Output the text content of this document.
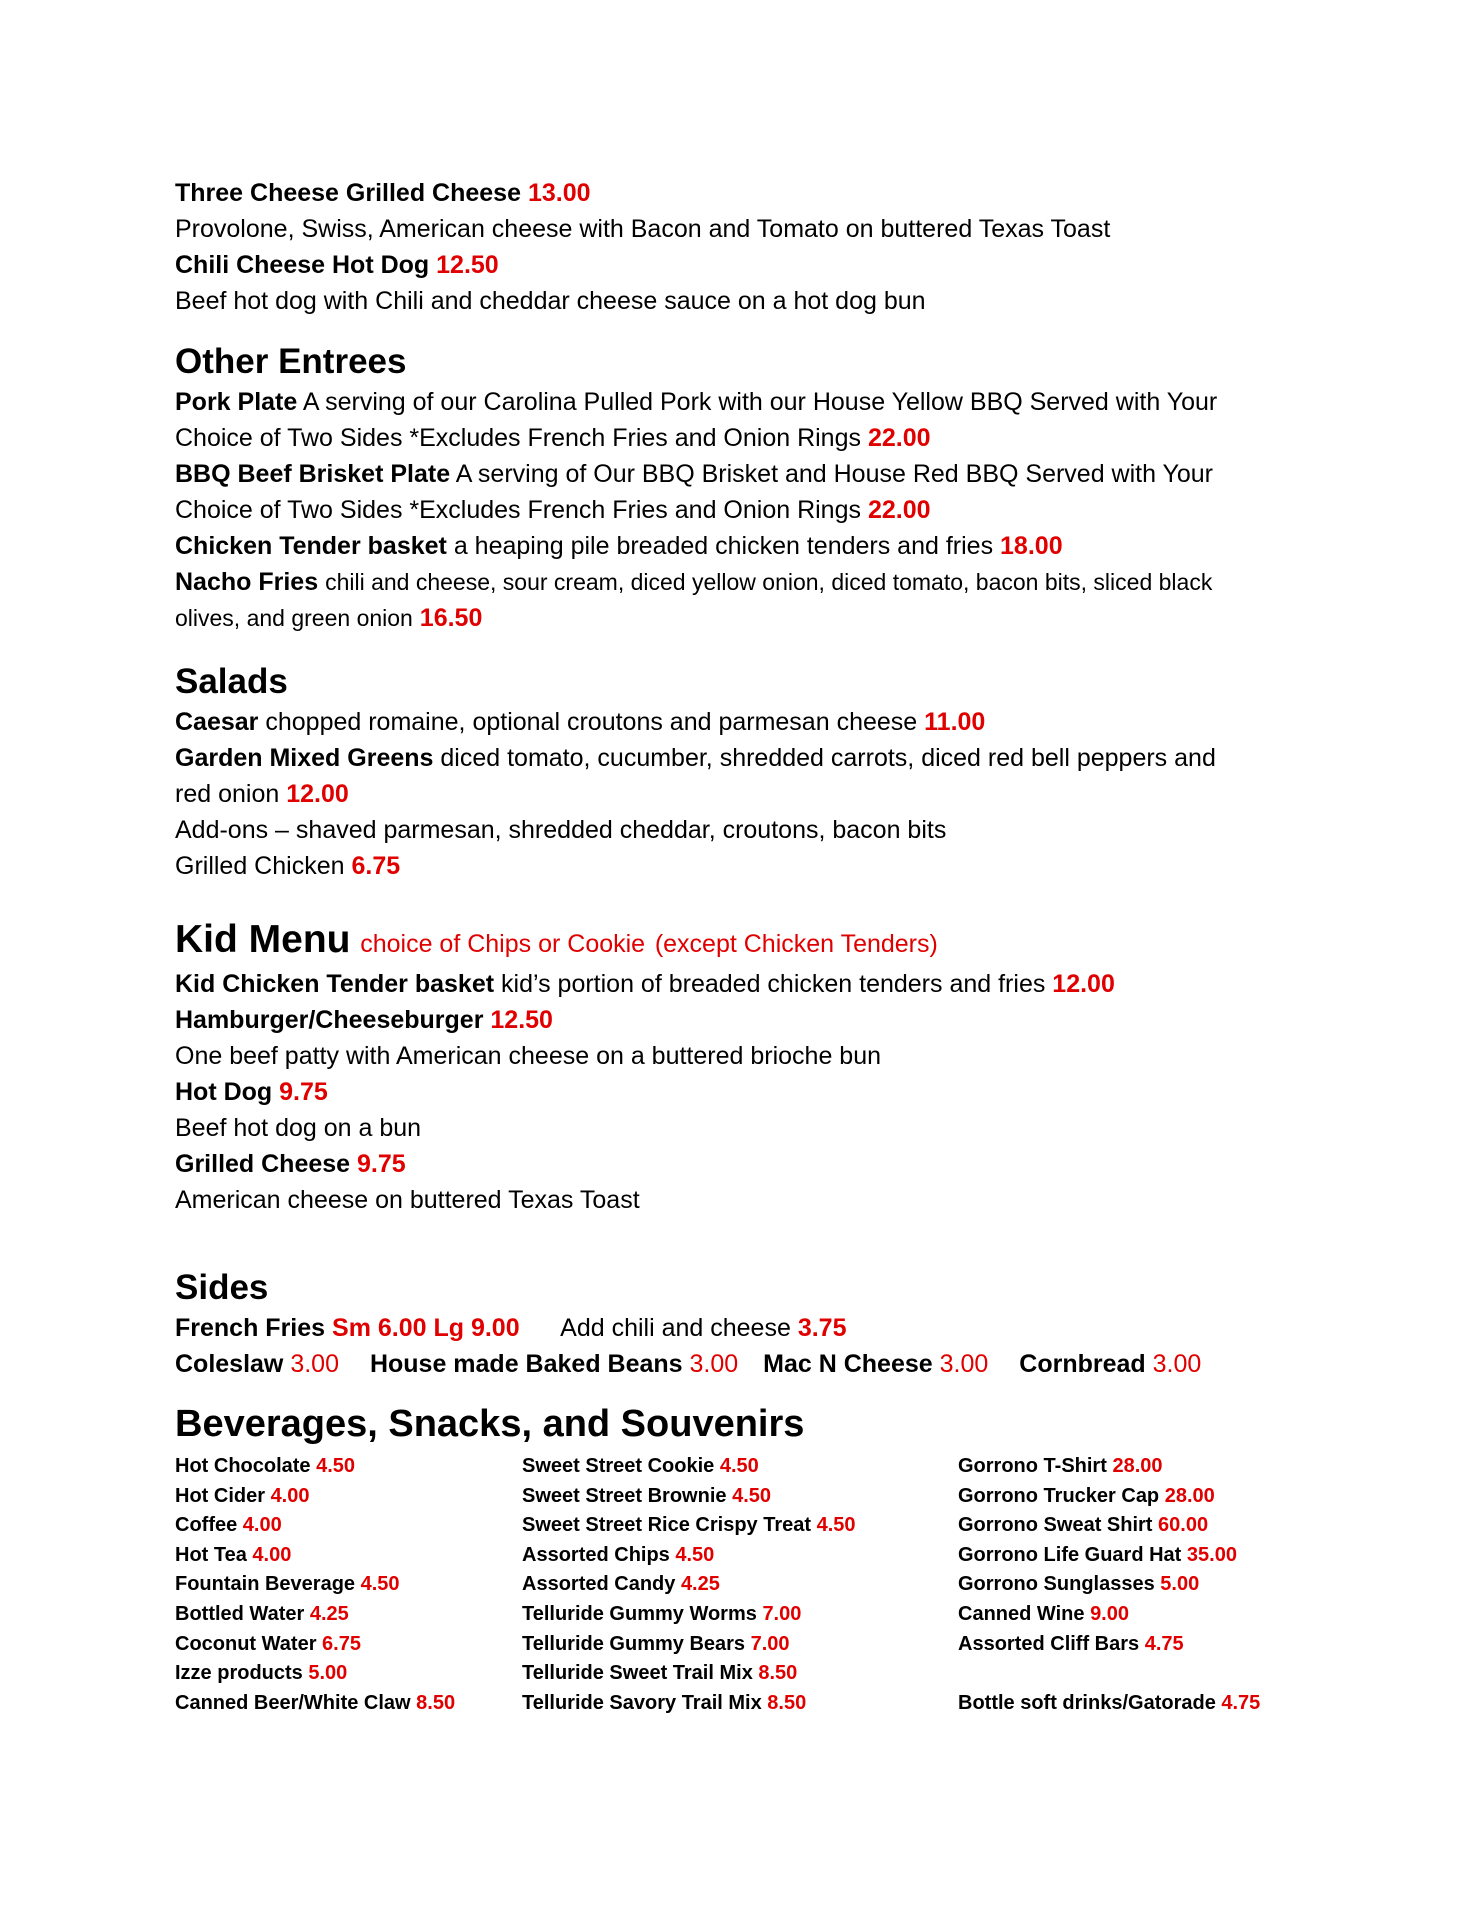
Three Cheese Grilled Cheese 13.00
Provolone, Swiss, American cheese with Bacon and Tomato on buttered Texas Toast
Chili Cheese Hot Dog 12.50
Beef hot dog with Chili and cheddar cheese sauce on a hot dog bun
Other Entrees
Pork Plate A serving of our Carolina Pulled Pork with our House Yellow BBQ Served with Your
Choice of Two Sides *Excludes French Fries and Onion Rings 22.00
BBQ Beef Brisket Plate A serving of Our BBQ Brisket and House Red BBQ Served with Your
Choice of Two Sides *Excludes French Fries and Onion Rings 22.00
Chicken Tender basket a heaping pile breaded chicken tenders and fries 18.00
Nacho Fries chili and cheese, sour cream, diced yellow onion, diced tomato, bacon bits, sliced black
olives, and green onion 16.50
Salads
Caesar chopped romaine, optional croutons and parmesan cheese 11.00
Garden Mixed Greens diced tomato, cucumber, shredded carrots, diced red bell peppers and
red onion 12.00
Add-ons – shaved parmesan, shredded cheddar, croutons, bacon bits
Grilled Chicken 6.75
Kid Menu choice of Chips or Cookie (except Chicken Tenders)
Kid Chicken Tender basket kid’s portion of breaded chicken tenders and fries 12.00
Hamburger/Cheeseburger 12.50
One beef patty with American cheese on a buttered brioche bun
Hot Dog 9.75
Beef hot dog on a bun
Grilled Cheese 9.75
American cheese on buttered Texas Toast
Sides
French Fries Sm 6.00 Lg 9.00 Add chili and cheese 3.75
Coleslaw 3.00 House made Baked Beans 3.00 Mac N Cheese 3.00 Cornbread 3.00
Beverages, Snacks, and Souvenirs
Hot Chocolate 4.50
Hot Cider 4.00
Coffee 4.00
Hot Tea 4.00
Fountain Beverage 4.50
Bottled Water 4.25
Coconut Water 6.75
Izze products 5.00
Canned Beer/White Claw 8.50
Sweet Street Cookie 4.50
Sweet Street Brownie 4.50
Sweet Street Rice Crispy Treat 4.50
Assorted Chips 4.50
Assorted Candy 4.25
Telluride Gummy Worms 7.00
Telluride Gummy Bears 7.00
Telluride Sweet Trail Mix 8.50
Telluride Savory Trail Mix 8.50
Gorrono T-Shirt 28.00
Gorrono Trucker Cap 28.00
Gorrono Sweat Shirt 60.00
Gorrono Life Guard Hat 35.00
Gorrono Sunglasses 5.00
Canned Wine 9.00
Assorted Cliff Bars 4.75
Bottle soft drinks/Gatorade 4.75
